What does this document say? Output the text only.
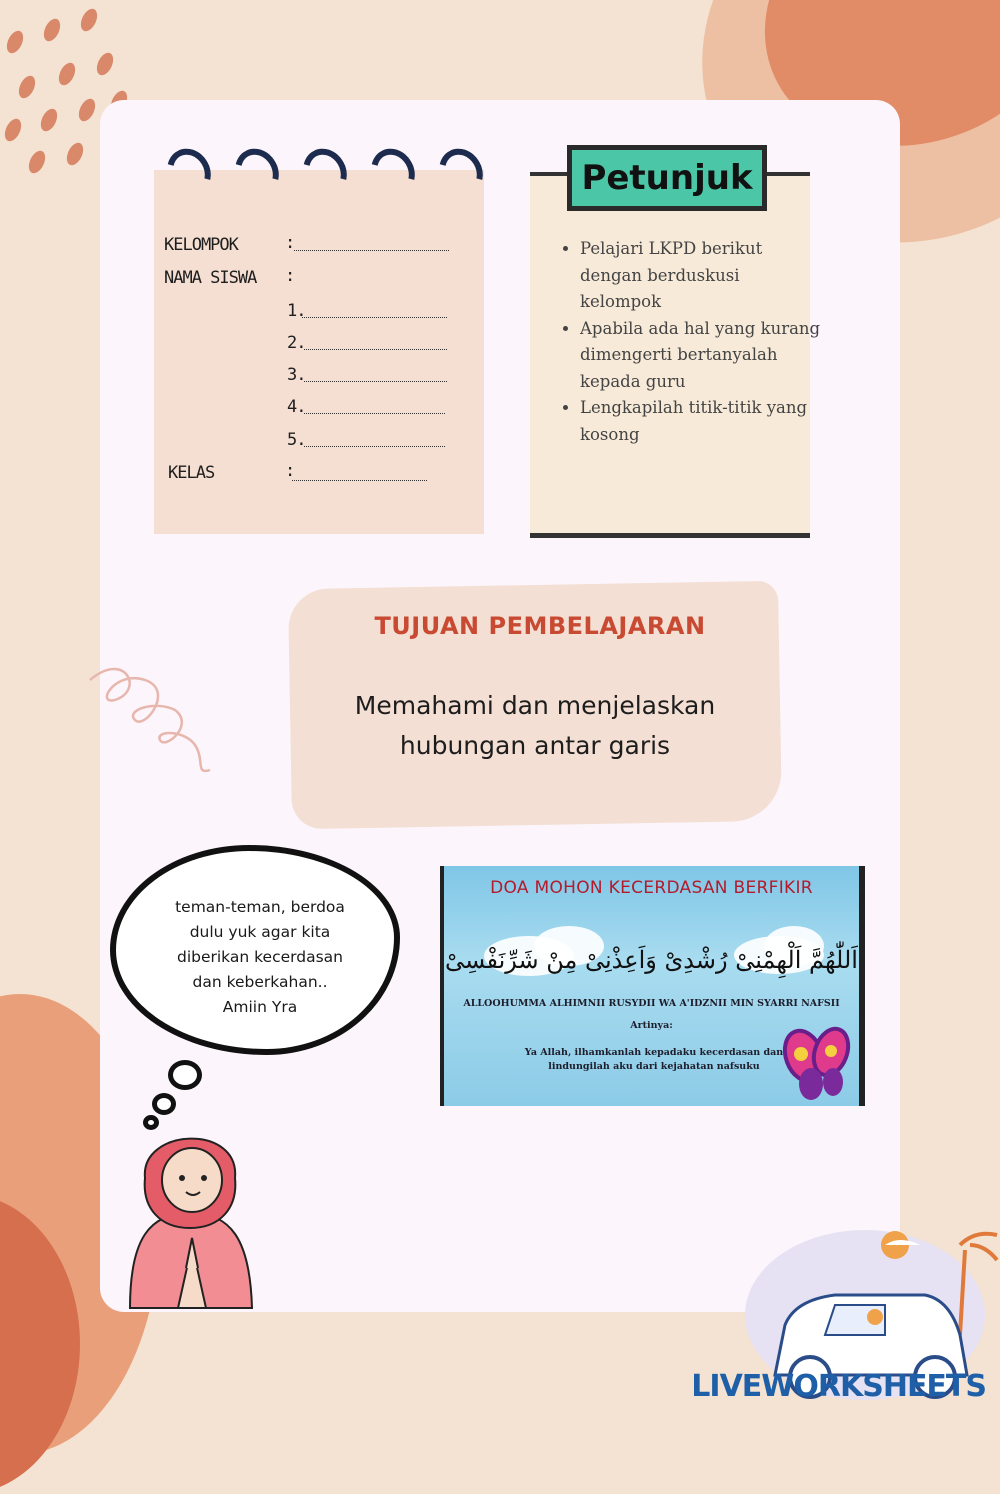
KELOMPOK	:
NAMA SISWA :
1.
2.
3.
4.
5.
KELAS	:
Petunjuk
• Pelajari LKPD berikut dengan berduskusi kelompok
• Apabila ada hal yang kurang dimengerti bertanyalah kepada guru
• Lengkapilah titik-titik yang kosong
TUJUAN PEMBELAJARAN
Memahami dan menjelaskan
hubungan antar garis
teman-teman, berdoa
dulu yuk agar kita
diberikan kecerdasan
dan keberkahan..
Amiin Yra
DOA MOHON KECERDASAN BERFIKIR
اَللّٰهُمَّ اَلْهِمْنِىْ رُشْدِىْ وَاَعِذْنِىْ مِنْ شَرِّنَفْسِىْ
ALLOOHUMMA ALHIMNII RUSYDII WA A'IDZNII MIN SYARRI NAFSII
Artinya:
Ya Allah, ilhamkanlah kepadaku kecerdasan dan
lindungilah aku dari kejahatan nafsuku
LIVEWORKSHEETS
